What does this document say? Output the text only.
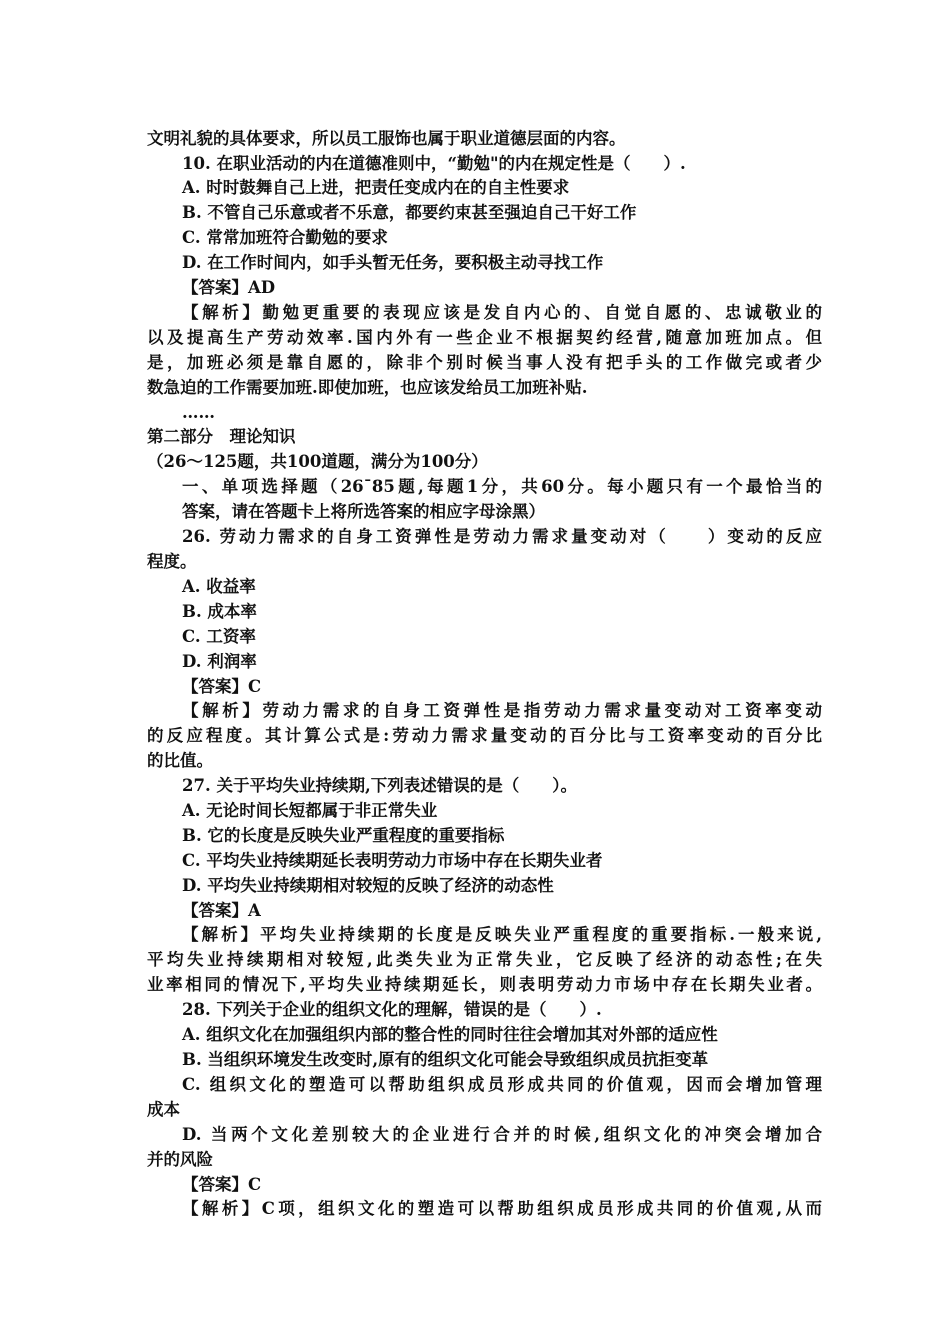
文明礼貌的具体要求，所以员工服饰也属于职业道德层面的内容。
10. 在职业活动的内在道德准则中，“勤勉"的内在规定性是（　　）.
A. 时时鼓舞自己上进，把责任变成内在的自主性要求
B. 不管自己乐意或者不乐意，都要约束甚至强迫自己干好工作
C. 常常加班符合勤勉的要求
D. 在工作时间内，如手头暂无任务，要积极主动寻找工作
【答案】AD
【解析】勤勉更重要的表现应该是发自内心的、自觉自愿的、忠诚敬业的
以及提高生产劳动效率.国内外有一些企业不根据契约经营,随意加班加点。但
是，加班必须是靠自愿的，除非个别时候当事人没有把手头的工作做完或者少
数急迫的工作需要加班.即使加班，也应该发给员工加班补贴.
……
第二部分　理论知识
（26～125题，共100道题，满分为100分）
一、单项选择题（26¯85题,每题1分，共60分。每小题只有一个最恰当的
答案，请在答题卡上将所选答案的相应字母涂黑）
26. 劳动力需求的自身工资弹性是劳动力需求量变动对（　　）变动的反应
程度。
A. 收益率
B. 成本率
C. 工资率
D. 利润率
【答案】C
【解析】劳动力需求的自身工资弹性是指劳动力需求量变动对工资率变动
的反应程度。其计算公式是:劳动力需求量变动的百分比与工资率变动的百分比
的比值。
27. 关于平均失业持续期,下列表述错误的是（　　）。
A. 无论时间长短都属于非正常失业
B. 它的长度是反映失业严重程度的重要指标
C. 平均失业持续期延长表明劳动力市场中存在长期失业者
D. 平均失业持续期相对较短的反映了经济的动态性
【答案】A
【解析】平均失业持续期的长度是反映失业严重程度的重要指标.一般来说,
平均失业持续期相对较短,此类失业为正常失业，它反映了经济的动态性;在失
业率相同的情况下,平均失业持续期延长，则表明劳动力市场中存在长期失业者。
28. 下列关于企业的组织文化的理解，错误的是（　　）.
A. 组织文化在加强组织内部的整合性的同时往往会增加其对外部的适应性
B. 当组织环境发生改变时,原有的组织文化可能会导致组织成员抗拒变革
C. 组织文化的塑造可以帮助组织成员形成共同的价值观，因而会增加管理
成本
D. 当两个文化差别较大的企业进行合并的时候,组织文化的冲突会增加合
并的风险
【答案】C
【解析】C项，组织文化的塑造可以帮助组织成员形成共同的价值观,从而
